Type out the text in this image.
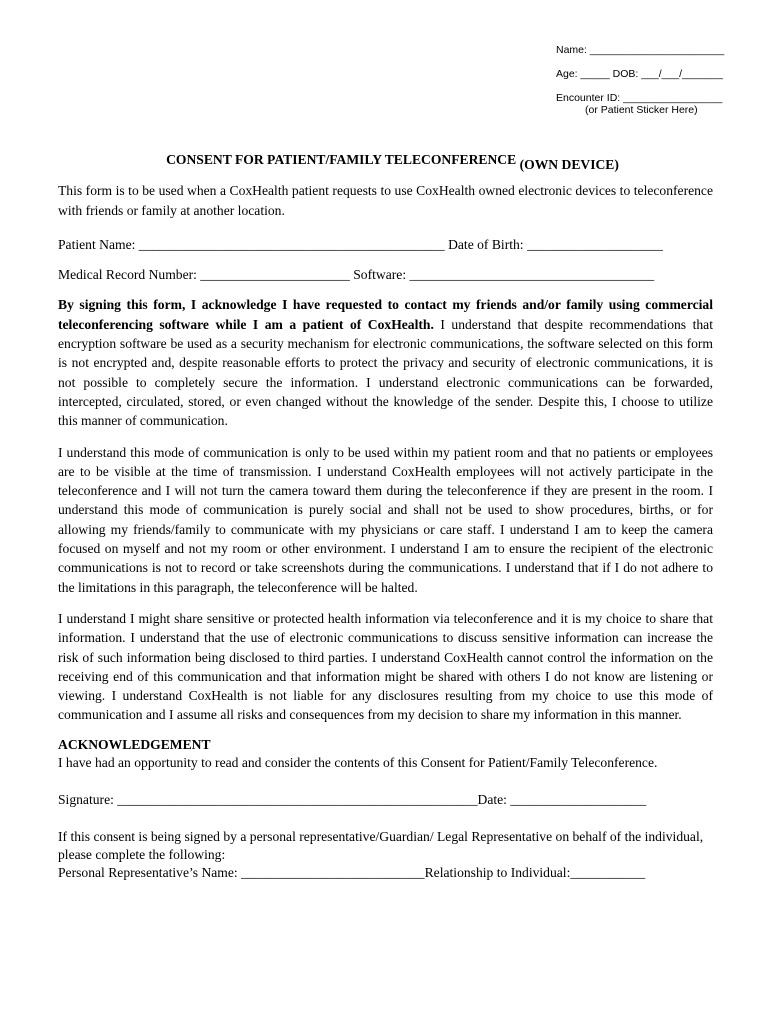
Name: _______________________
Age: _____ DOB: ___/___/_______
Encounter ID: _________________
(or Patient Sticker Here)
CONSENT FOR PATIENT/FAMILY TELECONFERENCE (OWN DEVICE)

This form is to be used when a CoxHealth patient requests to use CoxHealth owned electronic devices to teleconference with friends or family at another location.

Patient Name: _____________________________________________ Date of Birth: ____________________
Medical Record Number: ______________________ Software: ____________________________________

By signing this form, I acknowledge I have requested to contact my friends and/or family using commercial teleconferencing software while I am a patient of CoxHealth. I understand that despite recommendations that encryption software be used as a security mechanism for electronic communications, the software selected on this form is not encrypted and, despite reasonable efforts to protect the privacy and security of electronic communications, it is not possible to completely secure the information. I understand electronic communications can be forwarded, intercepted, circulated, stored, or even changed without the knowledge of the sender. Despite this, I choose to utilize this manner of communication.

I understand this mode of communication is only to be used within my patient room and that no patients or employees are to be visible at the time of transmission. I understand CoxHealth employees will not actively participate in the teleconference and I will not turn the camera toward them during the teleconference if they are present in the room. I understand this mode of communication is purely social and shall not be used to show procedures, births, or for allowing my friends/family to communicate with my physicians or care staff. I understand I am to keep the camera focused on myself and not my room or other environment. I understand I am to ensure the recipient of the electronic communications is not to record or take screenshots during the communications. I understand that if I do not adhere to the limitations in this paragraph, the teleconference will be halted.

I understand I might share sensitive or protected health information via teleconference and it is my choice to share that information. I understand that the use of electronic communications to discuss sensitive information can increase the risk of such information being disclosed to third parties. I understand CoxHealth cannot control the information on the receiving end of this communication and that information might be shared with others I do not know are listening or viewing. I understand CoxHealth is not liable for any disclosures resulting from my choice to use this mode of communication and I assume all risks and consequences from my decision to share my information in this manner.

ACKNOWLEDGEMENT

I have had an opportunity to read and consider the contents of this Consent for Patient/Family Teleconference.

Signature: _____________________________________________________Date: ____________________

If this consent is being signed by a personal representative/Guardian/ Legal Representative on behalf of the individual, please complete the following:

Personal Representative’s Name: ___________________________Relationship to Individual:___________
